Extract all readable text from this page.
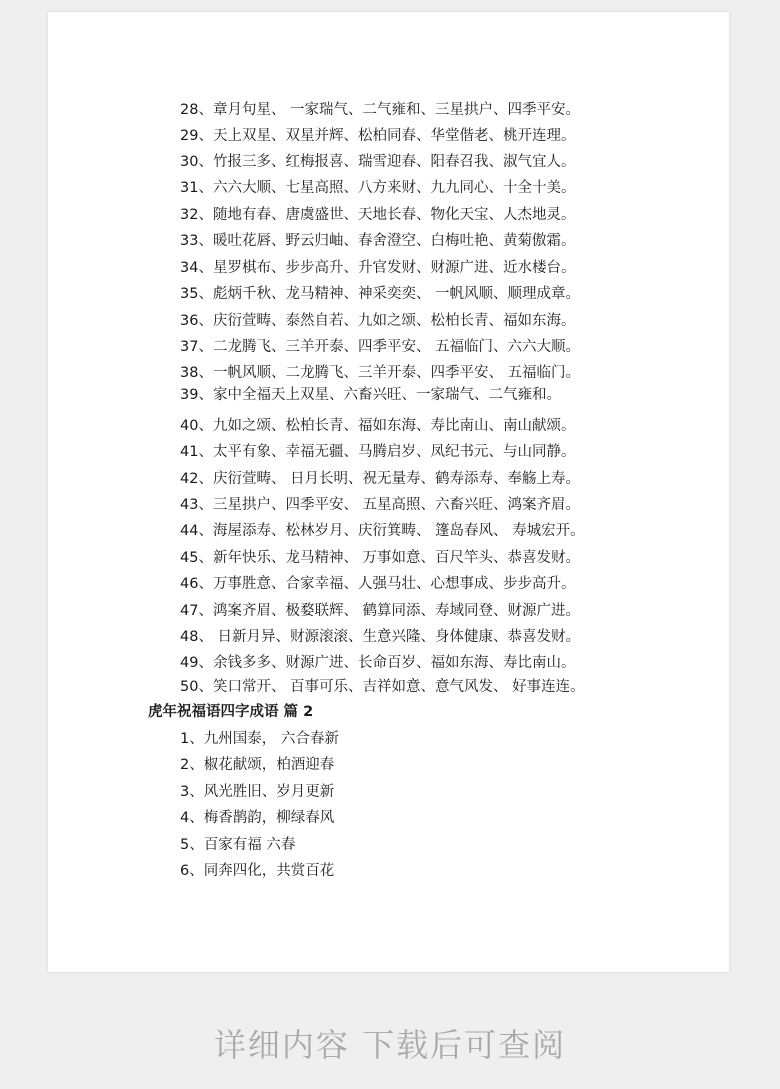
28、章月句星、 一家瑞气、二气雍和、三星拱户、四季平安。
29、天上双星、双星并辉、松柏同春、华堂偕老、桃开连理。
30、竹报三多、红梅报喜、瑞雪迎春、阳春召我、淑气宜人。
31、六六大顺、七星高照、八方来财、九九同心、十全十美。
32、随地有春、唐虞盛世、天地长春、物化天宝、人杰地灵。
33、暖吐花唇、野云归岫、春舍澄空、白梅吐艳、黄菊傲霜。
34、星罗棋布、步步高升、升官发财、财源广进、近水楼台。
35、彪炳千秋、龙马精神、神采奕奕、 一帆风顺、顺理成章。
36、庆衍萱畴、泰然自若、九如之颂、松柏长青、福如东海。
37、二龙腾飞、三羊开泰、四季平安、 五福临门、六六大顺。
38、一帆风顺、二龙腾飞、三羊开泰、四季平安、 五福临门。
39、家中全福天上双星、六畜兴旺、一家瑞气、二气雍和。
40、九如之颂、松柏长青、福如东海、寿比南山、南山献颂。
41、太平有象、幸福无疆、马腾启岁、凤纪书元、与山同静。
42、庆衍萱畴、 日月长明、祝无量寿、鹤寿添寿、奉觞上寿。
43、三星拱户、四季平安、 五星高照、六畜兴旺、鸿案齐眉。
44、海屋添寿、松林岁月、庆衍箕畴、 篷岛春风、 寿城宏开。
45、新年快乐、龙马精神、 万事如意、百尺竿头、恭喜发财。
46、万事胜意、合家幸福、人强马壮、心想事成、步步高升。
47、鸿案齐眉、极婺联辉、 鹤算同添、寿域同登、财源广进。
48、 日新月异、财源滚滚、生意兴隆、身体健康、恭喜发财。
49、余钱多多、财源广进、长命百岁、福如东海、寿比南山。
50、笑口常开、 百事可乐、吉祥如意、意气风发、 好事连连。
虎年祝福语四字成语 篇 2
1、九州国泰， 六合春新
2、椒花献颂，柏酒迎春
3、风光胜旧、岁月更新
4、梅香鹊韵，柳绿春风
5、百家有福 六春
6、同奔四化，共赏百花
详细内容 下载后可查阅
